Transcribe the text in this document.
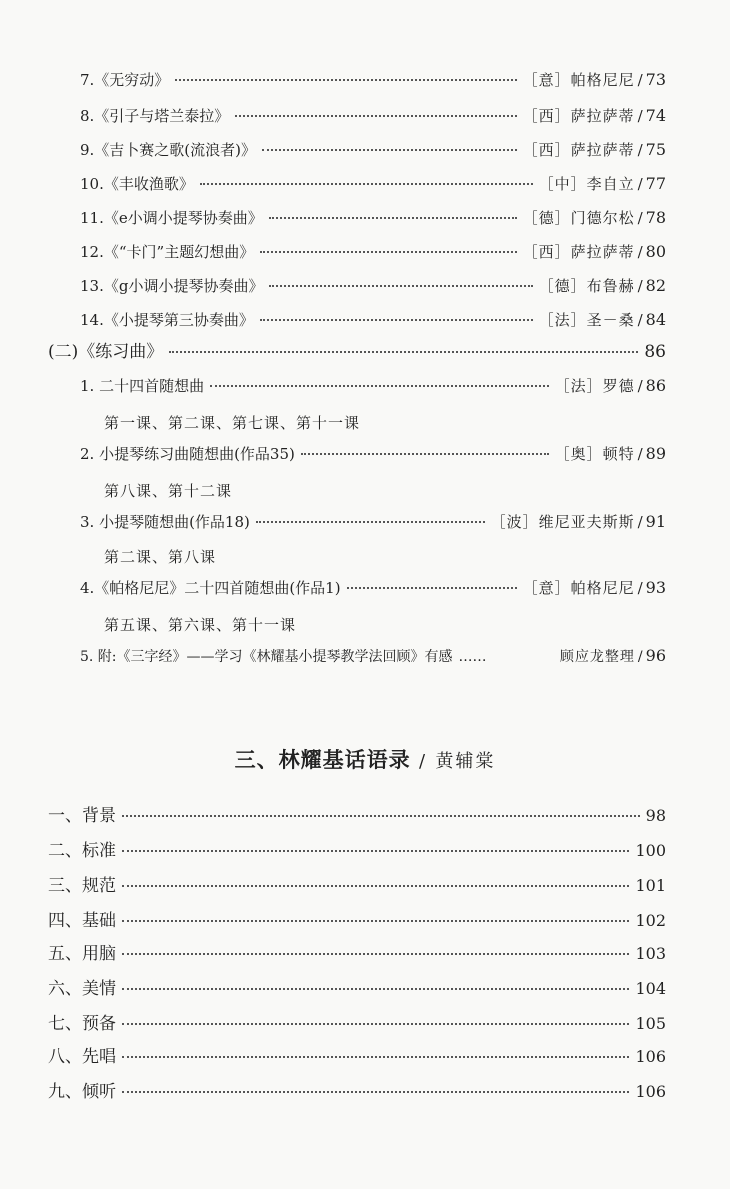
7.《无穷动》	［意］帕格尼尼 / 73
8.《引子与塔兰泰拉》	［西］萨拉萨蒂 / 74
9.《吉卜赛之歌(流浪者)》	［西］萨拉萨蒂 / 75
10.《丰收渔歌》	［中］李自立 / 77
11.《e小调小提琴协奏曲》	［德］门德尔松 / 78
12.《“卡门”主题幻想曲》	［西］萨拉萨蒂 / 80
13.《g小调小提琴协奏曲》	［德］布鲁赫 / 82
14.《小提琴第三协奏曲》	［法］圣－桑 / 84
(二)《练习曲》	86
1. 二十四首随想曲	［法］罗德 / 86
第一课、第二课、第七课、第十一课
2. 小提琴练习曲随想曲(作品35)	［奥］顿特 / 89
第八课、第十二课
3. 小提琴随想曲(作品18)	［波］维尼亚夫斯斯 / 91
第二课、第八课
4.《帕格尼尼》二十四首随想曲(作品1)	［意］帕格尼尼 / 93
第五课、第六课、第十一课
5. 附:《三字经》——学习《林耀基小提琴教学法回顾》有感 ……	顾应龙整理 / 96
三、林耀基话语录 / 黄辅棠
一、背景	98
二、标准	100
三、规范	101
四、基础	102
五、用脑	103
六、美情	104
七、预备	105
八、先唱	106
九、倾听	106
